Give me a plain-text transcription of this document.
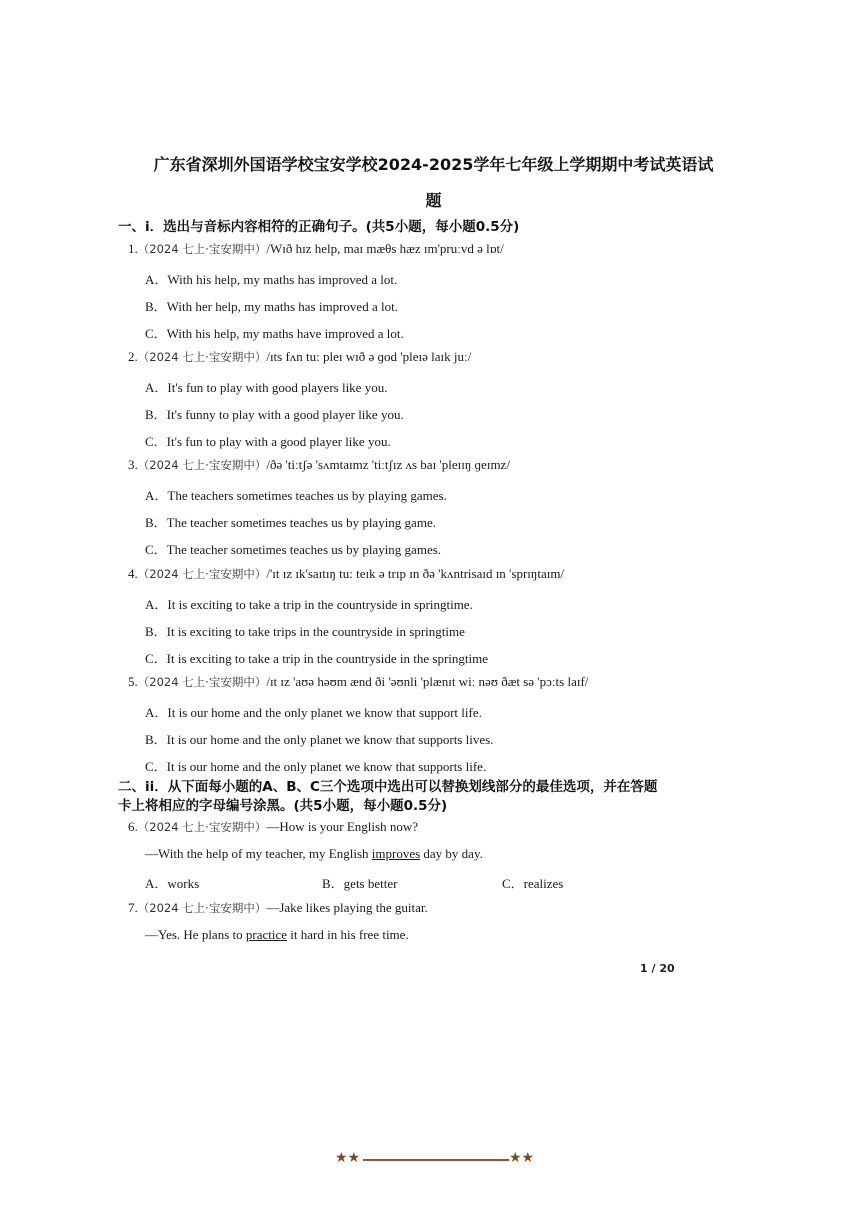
广东省深圳外国语学校宝安学校2024-2025学年七年级上学期期中考试英语试
题
一、i．选出与音标内容相符的正确句子。(共5小题，每小题0.5分)
1.（2024 七上·宝安期中）/Wɪð hɪz help, maɪ mæθs hæz ɪm'pruːvd ə lɒt/
A．With his help, my maths has improved a lot.
B．With her help, my maths has improved a lot.
C．With his help, my maths have improved a lot.
2.（2024 七上·宝安期中）/ɪts fʌn tu: pleɪ wɪð ə ɡod 'pleɪə laɪk juː/
A．It's fun to play with good players like you.
B．It's funny to play with a good player like you.
C．It's fun to play with a good player like you.
3.（2024 七上·宝安期中）/ðə 'tiːtʃə 'sʌmtaɪmz 'tiːtʃɪz ʌs baɪ 'pleɪɪŋ ɡeɪmz/
A．The teachers sometimes teaches us by playing games.
B．The teacher sometimes teaches us by playing game.
C．The teacher sometimes teaches us by playing games.
4.（2024 七上·宝安期中）/'ɪt ɪz ɪk'saɪtɪŋ tu: teɪk ə trɪp ɪn ðə 'kʌntrisaɪd ɪn 'sprɪŋtaɪm/
A．It is exciting to take a trip in the countryside in springtime.
B．It is exciting to take trips in the countryside in springtime
C．It is exciting to take a trip in the countryside in the springtime
5.（2024 七上·宝安期中）/ɪt ɪz 'aʊə həʊm ænd ði 'əʊnli 'plænɪt wiː nəʊ ðæt sə 'pɔːts laɪf/
A．It is our home and the only planet we know that support life.
B．It is our home and the only planet we know that supports lives.
C．It is our home and the only planet we know that supports life.
二、ii．从下面每小题的A、B、C三个选项中选出可以替换划线部分的最佳选项，并在答题
卡上将相应的字母编号涂黑。(共5小题，每小题0.5分)
6.（2024 七上·宝安期中）—How is your English now?
—With the help of my teacher, my English improves day by day.
A．works	B．gets better	C．realizes
7.（2024 七上·宝安期中）—Jake likes playing the guitar.
—Yes. He plans to practice it hard in his free time.
1 / 20
★★	★★
